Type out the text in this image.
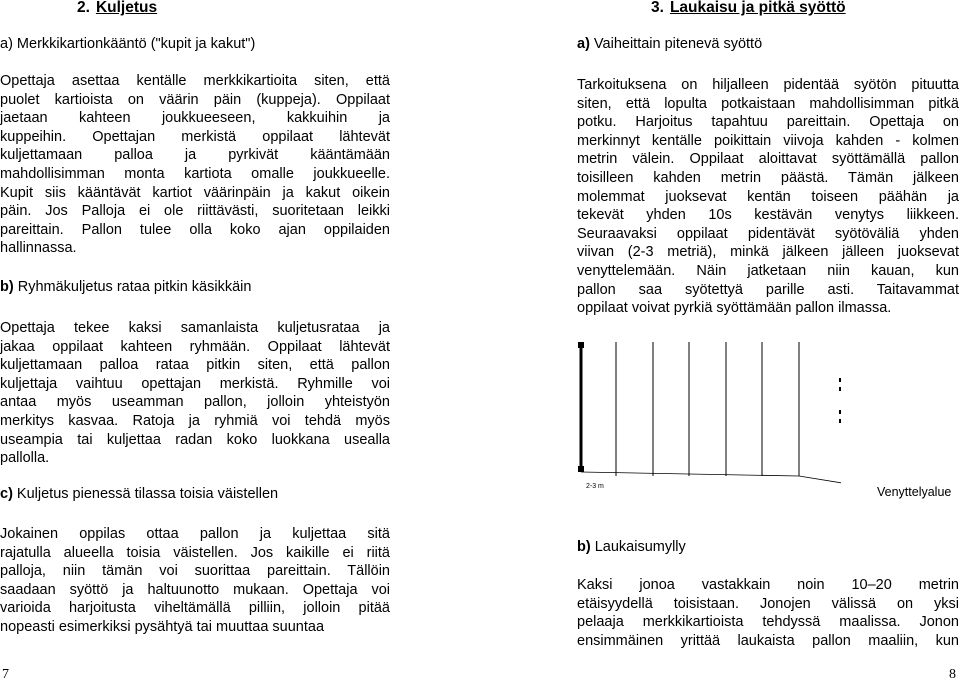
2. Kuljetus
a) Merkkikartionkääntö ("kupit ja kakut")
Opettaja asettaa kentälle merkkikartioita siten, että
puolet kartioista on väärin päin (kuppeja). Oppilaat
jaetaan kahteen joukkueeseen, kakkuihin ja
kuppeihin. Opettajan merkistä oppilaat lähtevät
kuljettamaan palloa ja pyrkivät kääntämään
mahdollisimman monta kartiota omalle joukkueelle.
Kupit siis kääntävät kartiot väärinpäin ja kakut oikein
päin. Jos Palloja ei ole riittävästi, suoritetaan leikki
pareittain. Pallon tulee olla koko ajan oppilaiden
hallinnassa.
b) Ryhmäkuljetus rataa pitkin käsikkäin
Opettaja tekee kaksi samanlaista kuljetusrataa ja
jakaa oppilaat kahteen ryhmään. Oppilaat lähtevät
kuljettamaan palloa rataa pitkin siten, että pallon
kuljettaja vaihtuu opettajan merkistä. Ryhmille voi
antaa myös useamman pallon, jolloin yhteistyön
merkitys kasvaa. Ratoja ja ryhmiä voi tehdä myös
useampia tai kuljettaa radan koko luokkana usealla
pallolla.
c) Kuljetus pienessä tilassa toisia väistellen
Jokainen oppilas ottaa pallon ja kuljettaa sitä
rajatulla alueella toisia väistellen. Jos kaikille ei riitä
palloja, niin tämän voi suorittaa pareittain. Tällöin
saadaan syöttö ja haltuunotto mukaan. Opettaja voi
varioida harjoitusta viheltämällä pilliin, jolloin pitää
nopeasti esimerkiksi pysähtyä tai muuttaa suuntaa
7
3. Laukaisu ja pitkä syöttö
a) Vaiheittain pitenevä syöttö
Tarkoituksena on hiljalleen pidentää syötön pituutta
siten, että lopulta potkaistaan mahdollisimman pitkä
potku. Harjoitus tapahtuu pareittain. Opettaja on
merkinnyt kentälle poikittain viivoja kahden - kolmen
metrin välein. Oppilaat aloittavat syöttämällä pallon
toisilleen kahden metrin päästä. Tämän jälkeen
molemmat juoksevat kentän toiseen päähän ja
tekevät yhden 10s kestävän venytys liikkeen.
Seuraavaksi oppilaat pidentävät syötöväliä yhden
viivan (2-3 metriä), minkä jälkeen jälleen juoksevat
venyttelemään. Näin jatketaan niin kauan, kun
pallon saa syötettyä parille asti. Taitavammat
oppilaat voivat pyrkiä syöttämään pallon ilmassa.
2-3 m	Venyttelyalue
b) Laukaisumylly
Kaksi jonoa vastakkain noin 10–20 metrin
etäisyydellä toisistaan. Jonojen välissä on yksi
pelaaja merkkikartioista tehdyssä maalissa. Jonon
ensimmäinen yrittää laukaista pallon maaliin, kun
8
